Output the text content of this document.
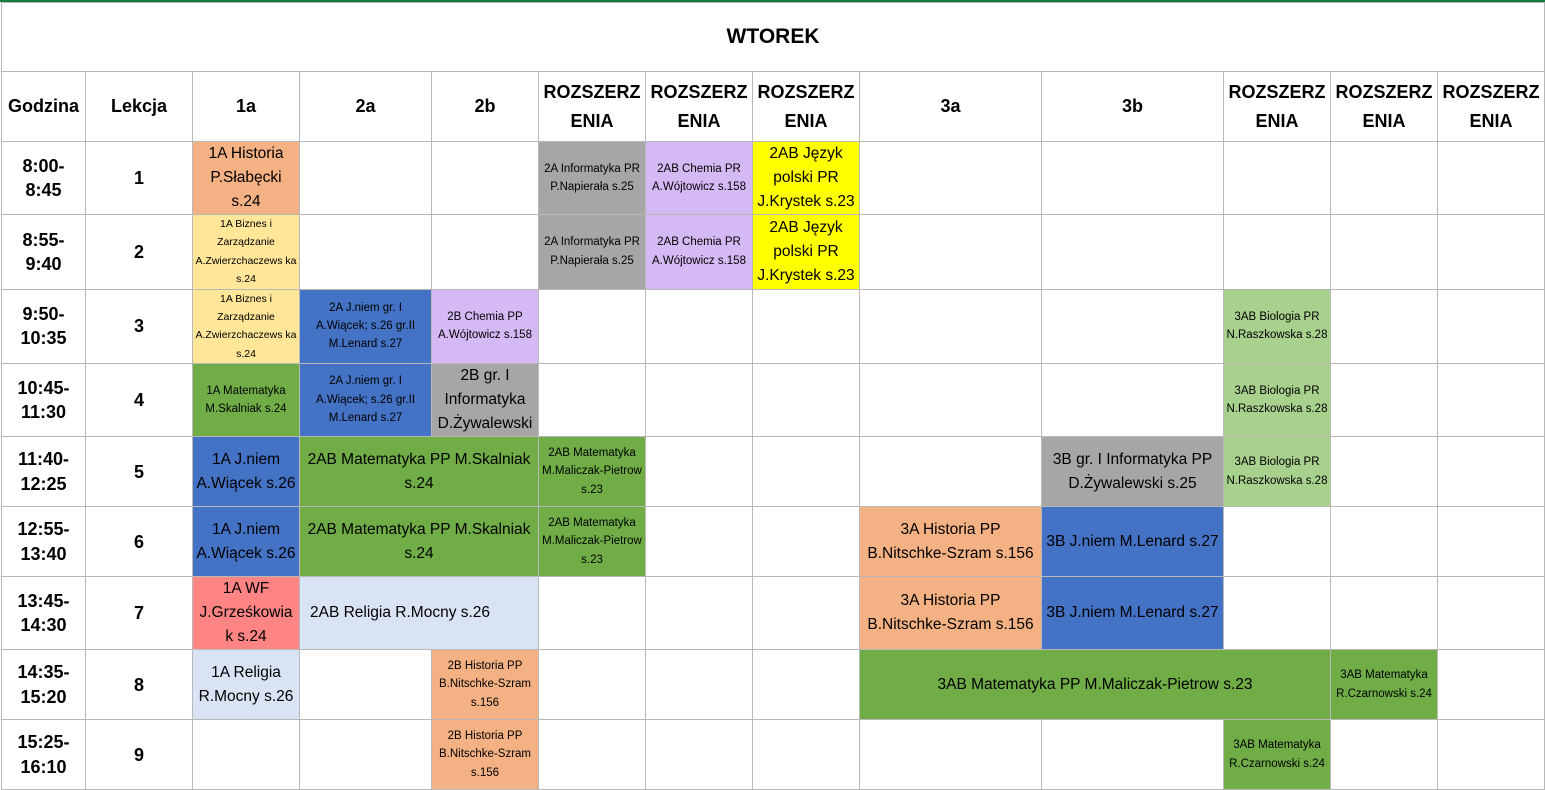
WTOREK												
Godzina	Lekcja	1a	2a	2b	ROZSZERZ ENIA	ROZSZERZ ENIA	ROZSZERZ ENIA	3a	3b	ROZSZERZ ENIA	ROZSZERZ ENIA	ROZSZERZ ENIA
8:00- 8:45	1	1A Historia P.Słabęcki s.24			2A Informatyka PR P.Napierała s.25	2AB Chemia PR A.Wójtowicz s.158	2AB Język polski PR J.Krystek s.23					
8:55- 9:40	2	1A Biznes i Zarządzanie A.Zwierzchaczews ka s.24			2A Informatyka PR P.Napierała s.25	2AB Chemia PR A.Wójtowicz s.158	2AB Język polski PR J.Krystek s.23					
9:50- 10:35	3	1A Biznes i Zarządzanie A.Zwierzchaczews ka s.24	2A J.niem gr. I A.Wiącek; s.26 gr.II M.Lenard s.27	2B Chemia PP A.Wójtowicz s.158						3AB Biologia PR N.Raszkowska s.28		
10:45- 11:30	4	1A Matematyka M.Skalniak s.24	2A J.niem gr. I A.Wiącek; s.26 gr.II M.Lenard s.27	2B gr. I Informatyka D.Żywalewski						3AB Biologia PR N.Raszkowska s.28		
11:40- 12:25	5	1A J.niem A.Wiącek s.26	2AB Matematyka PP M.Skalniak s.24		2AB Matematyka M.Maliczak-Pietrow s.23				3B gr. I Informatyka PP D.Żywalewski s.25	3AB Biologia PR N.Raszkowska s.28		
12:55- 13:40	6	1A J.niem A.Wiącek s.26	2AB Matematyka PP M.Skalniak s.24		2AB Matematyka M.Maliczak-Pietrow s.23			3A Historia PP B.Nitschke-Szram s.156	3B J.niem M.Lenard s.27			
13:45- 14:30	7	1A WF J.Grześkowia k s.24	2AB Religia R.Mocny s.26					3A Historia PP B.Nitschke-Szram s.156	3B J.niem M.Lenard s.27			
14:35- 15:20	8	1A Religia R.Mocny s.26		2B Historia PP B.Nitschke-Szram s.156				3AB Matematyka PP M.Maliczak-Pietrow s.23			3AB Matematyka R.Czarnowski s.24	
15:25- 16:10	9			2B Historia PP B.Nitschke-Szram s.156						3AB Matematyka R.Czarnowski s.24		
